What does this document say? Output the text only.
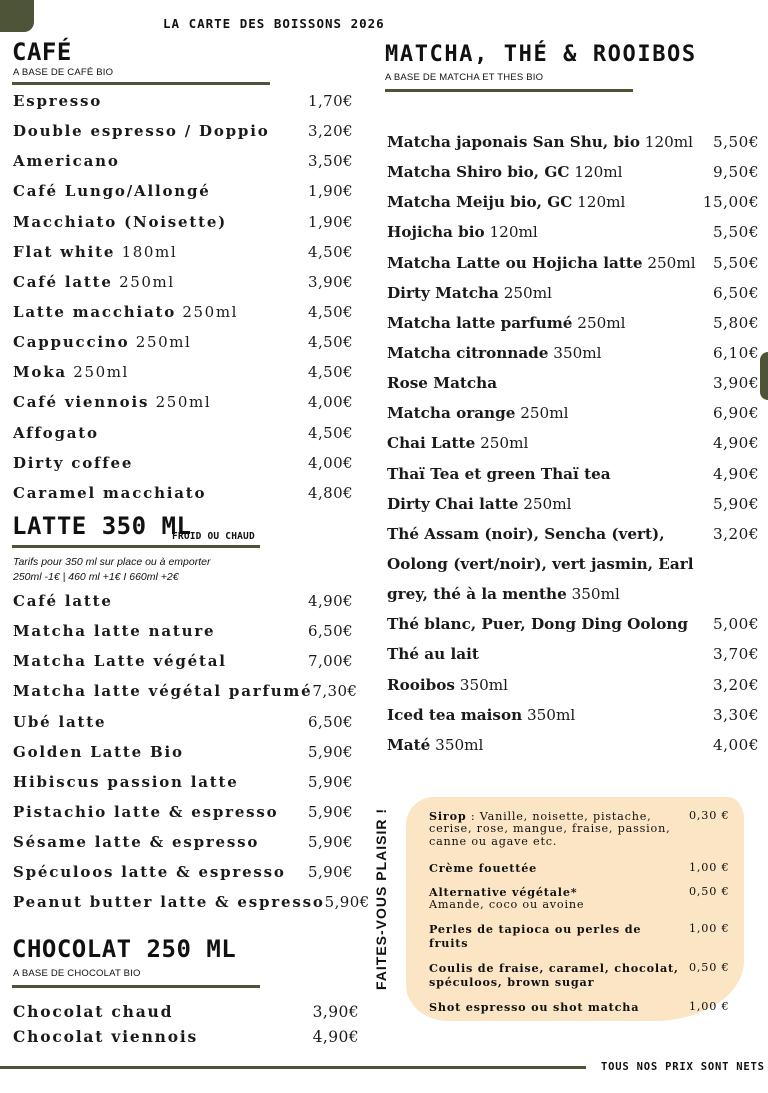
LA CARTE DES BOISSONS 2026
CAFÉ
A BASE DE CAFÉ BIO
Espresso	1,70€
Double espresso / Doppio	3,20€
Americano	3,50€
Café Lungo/Allongé	1,90€
Macchiato (Noisette)	1,90€
Flat white 180ml	4,50€
Café latte 250ml	3,90€
Latte macchiato 250ml	4,50€
Cappuccino 250ml	4,50€
Moka 250ml	4,50€
Café viennois 250ml	4,00€
Affogato	4,50€
Dirty coffee	4,00€
Caramel macchiato	4,80€
LATTE 350 ML
FROID OU CHAUD
Tarifs pour 350 ml sur place ou à emporter
250ml -1€ | 460 ml +1€ I 660ml +2€
Café latte	4,90€
Matcha latte nature	6,50€
Matcha Latte végétal	7,00€
Matcha latte végétal parfumé 7,30€
Ubé latte	6,50€
Golden Latte Bio	5,90€
Hibiscus passion latte	5,90€
Pistachio latte & espresso 5,90€
Sésame latte & espresso	5,90€
Spéculoos latte & espresso 5,90€
Peanut butter latte & espresso 5,90€
CHOCOLAT 250 ML
A BASE DE CHOCOLAT BIO
Chocolat chaud	3,90€
Chocolat viennois	4,90€
MATCHA, THÉ & ROOIBOS
A BASE DE MATCHA ET THES BIO
Matcha japonais San Shu, bio 120ml 5,50€
Matcha Shiro bio, GC 120ml	9,50€
Matcha Meiju bio, GC 120ml	15,00€
Hojicha bio 120ml	5,50€
Matcha Latte ou Hojicha latte 250ml 5,50€
Dirty Matcha 250ml	6,50€
Matcha latte parfumé 250ml	5,80€
Matcha citronnade 350ml	6,10€
Rose Matcha	3,90€
Matcha orange 250ml	6,90€
Chai Latte 250ml	4,90€
Thaï Tea et green Thaï tea	4,90€
Dirty Chai latte 250ml	5,90€
Thé Assam (noir), Sencha (vert),	3,20€
Oolong (vert/noir), vert jasmin, Earl
grey, thé à la menthe 350ml
Thé blanc, Puer, Dong Ding Oolong 5,00€
Thé au lait	3,70€
Rooibos 350ml	3,20€
Iced tea maison 350ml	3,30€
Maté 350ml	4,00€
FAITES-VOUS PLAISIR !	Sirop : Vanille, noisette, pistache, cerise, rose, mangue, fraise, passion, canne ou agave etc.
0,30 €
Crème fouettée	1,00 €
Alternative végétale*
Amande, coco ou avoine
0,50 €
Perles de tapioca ou perles de fruits
1,00 €
Coulis de fraise, caramel, chocolat, spéculoos, brown sugar
0,50 €
Shot espresso ou shot matcha	1,00 €
TOUS NOS PRIX SONT NETS
